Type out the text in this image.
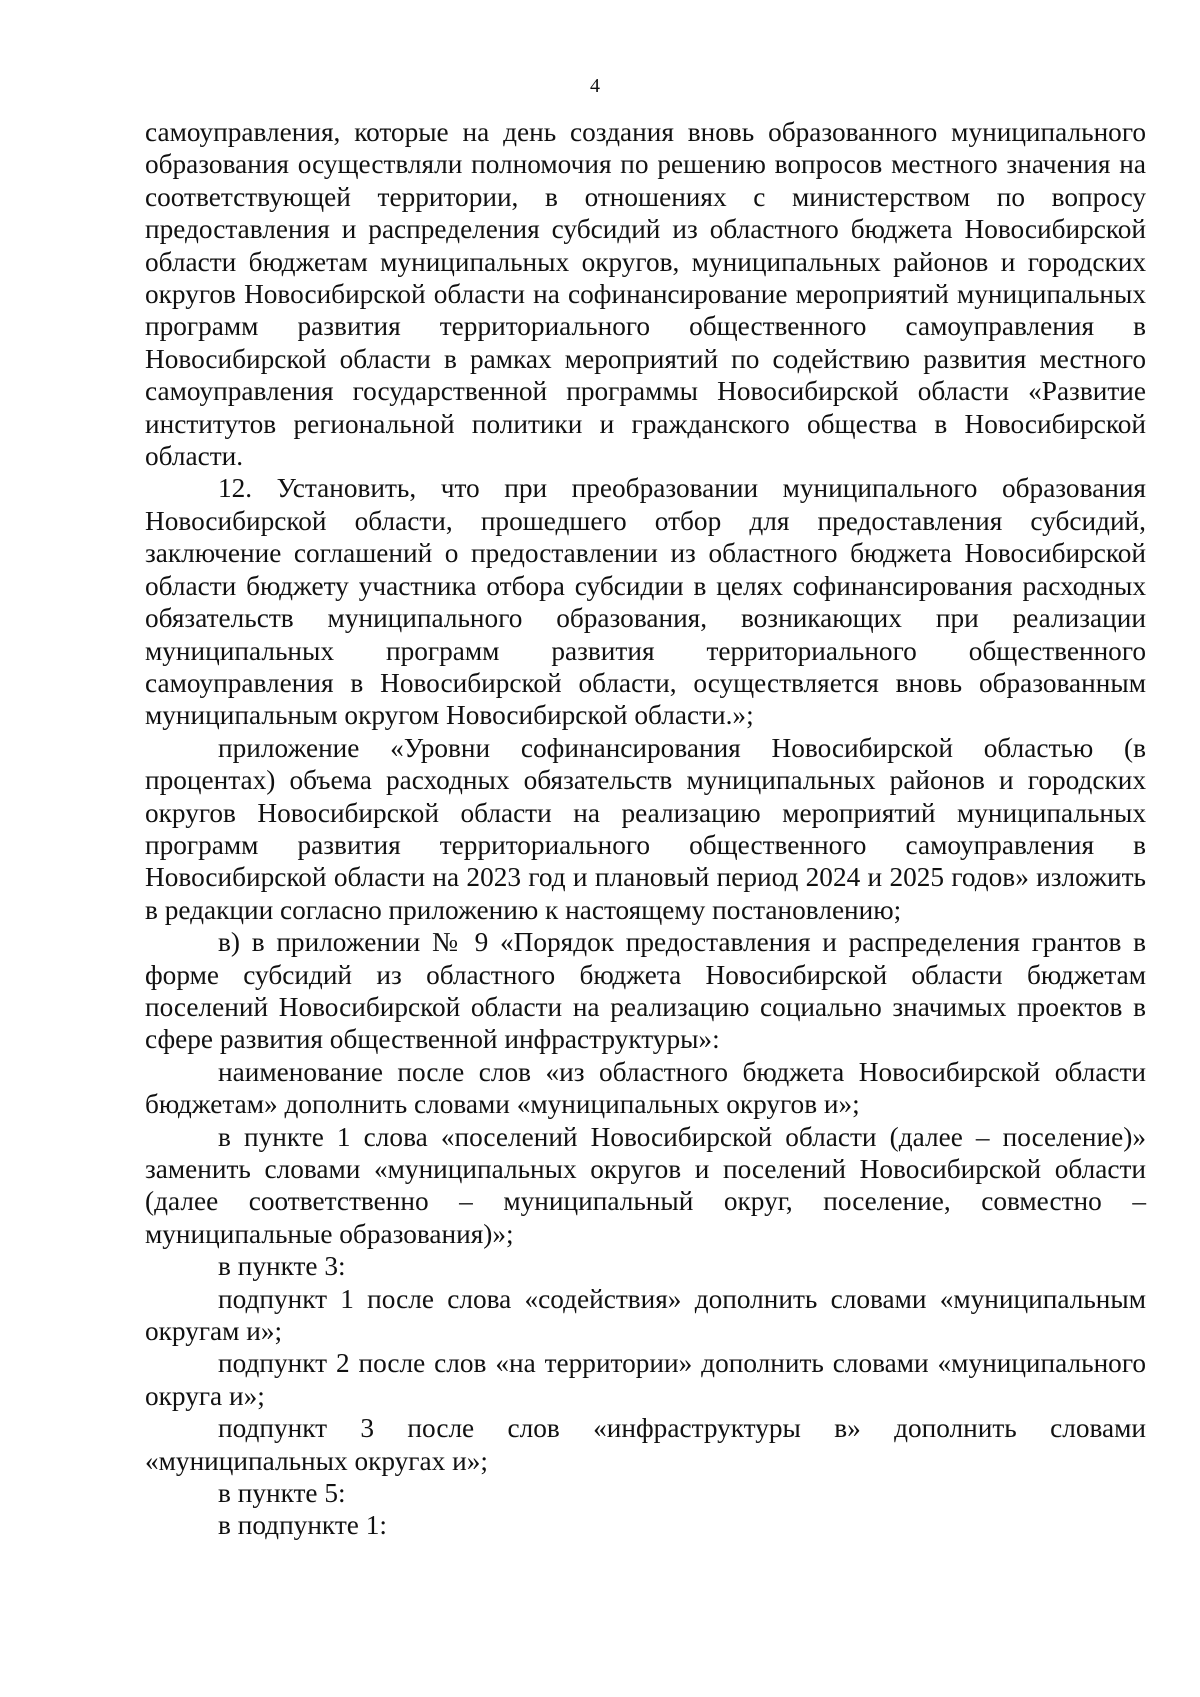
4

самоуправления, которые на день создания вновь образованного муниципального образования осуществляли полномочия по решению вопросов местного значения на соответствующей территории, в отношениях с министерством по вопросу предоставления и распределения субсидий из областного бюджета Новосибирской области бюджетам муниципальных округов, муниципальных районов и городских округов Новосибирской области на софинансирование мероприятий муниципальных программ развития территориального общественного самоуправления в Новосибирской области в рамках мероприятий по содействию развития местного самоуправления государственной программы Новосибирской области «Развитие институтов региональной политики и гражданского общества в Новосибирской области.

12. Установить, что при преобразовании муниципального образования Новосибирской области, прошедшего отбор для предоставления субсидий, заключение соглашений о предоставлении из областного бюджета Новосибирской области бюджету участника отбора субсидии в целях софинансирования расходных обязательств муниципального образования, возникающих при реализации муниципальных программ развития территориального общественного самоуправления в Новосибирской области, осуществляется вновь образованным муниципальным округом Новосибирской области.»;

приложение «Уровни софинансирования Новосибирской областью (в процентах) объема расходных обязательств муниципальных районов и городских округов Новосибирской области на реализацию мероприятий муниципальных программ развития территориального общественного самоуправления в Новосибирской области на 2023 год и плановый период 2024 и 2025 годов» изложить в редакции согласно приложению к настоящему постановлению;

в) в приложении № 9 «Порядок предоставления и распределения грантов в форме субсидий из областного бюджета Новосибирской области бюджетам поселений Новосибирской области на реализацию социально значимых проектов в сфере развития общественной инфраструктуры»:

наименование после слов «из областного бюджета Новосибирской области бюджетам» дополнить словами «муниципальных округов и»;

в пункте 1 слова «поселений Новосибирской области (далее – поселение)» заменить словами «муниципальных округов и поселений Новосибирской области (далее соответственно – муниципальный округ, поселение, совместно – муниципальные образования)»;

в пункте 3:

подпункт 1 после слова «содействия» дополнить словами «муниципальным округам и»;

подпункт 2 после слов «на территории» дополнить словами «муниципального округа и»;

подпункт 3 после слов «инфраструктуры в» дополнить словами «муниципальных округах и»;

в пункте 5:

в подпункте 1:
